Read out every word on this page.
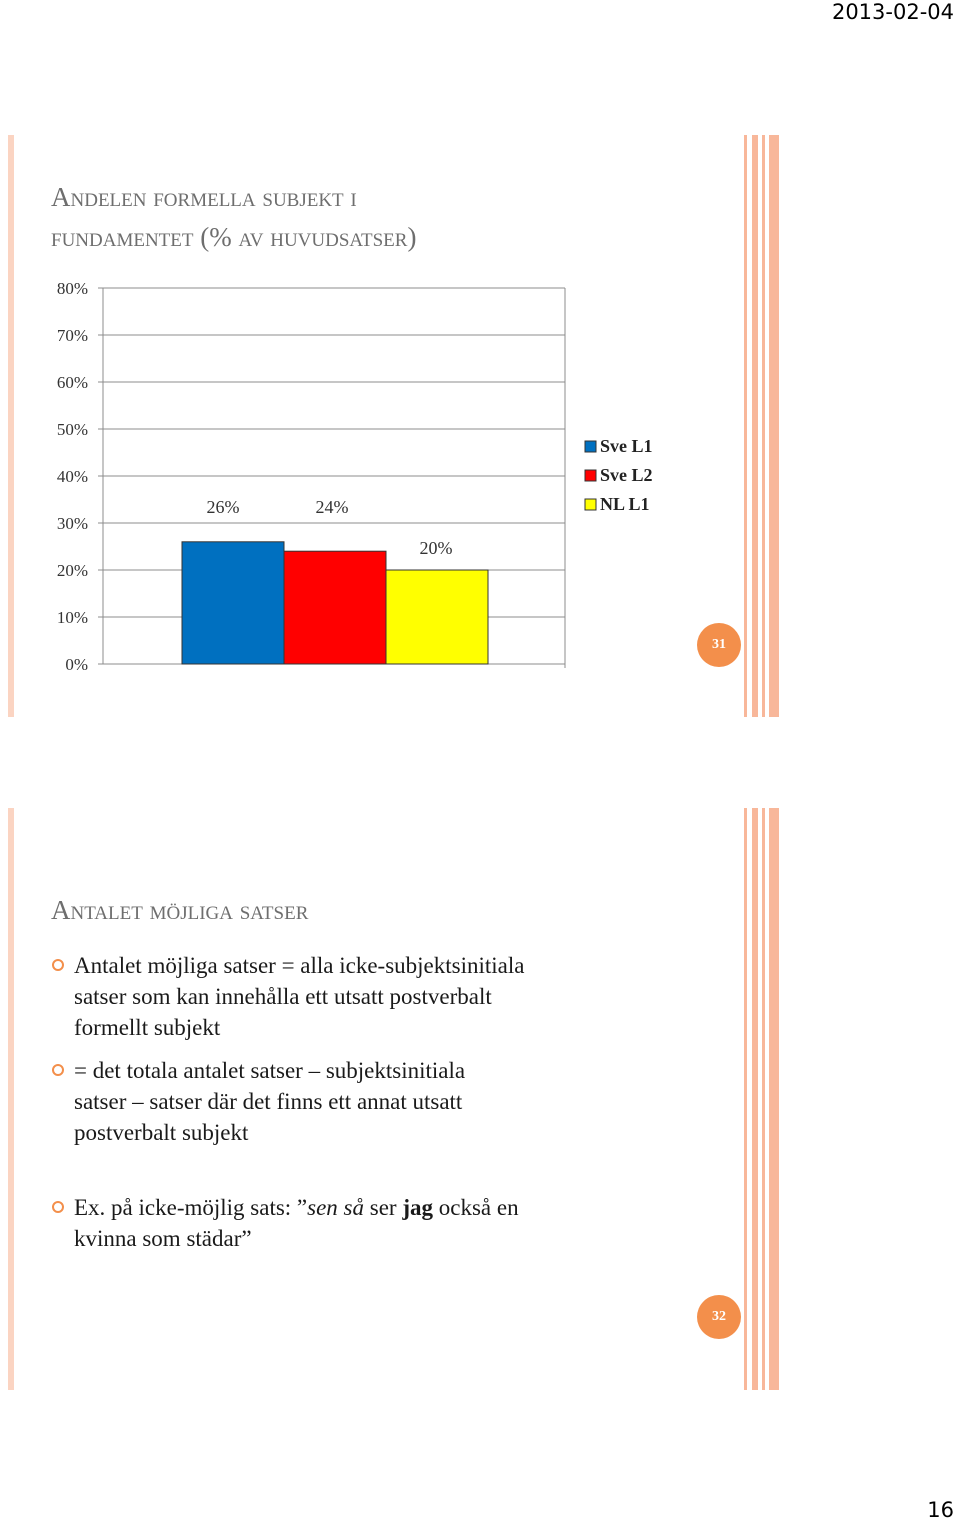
2013-02-04
Andelen formella subjekt i
fundamentet (% av huvudsatser)
0%
10%
20%
30%
40%
50%
60%
70%
80%
26%	24%
20%
Sve L1
Sve L2
NL L1
31
Antalet möjliga satser
Antalet möjliga satser = alla icke-subjektsinitiala
satser som kan innehålla ett utsatt postverbalt
formellt subjekt
= det totala antalet satser – subjektsinitiala
satser – satser där det finns ett annat utsatt
postverbalt subjekt
Ex. på icke-möjlig sats: ”sen så ser jag också en
kvinna som städar”
32
16
